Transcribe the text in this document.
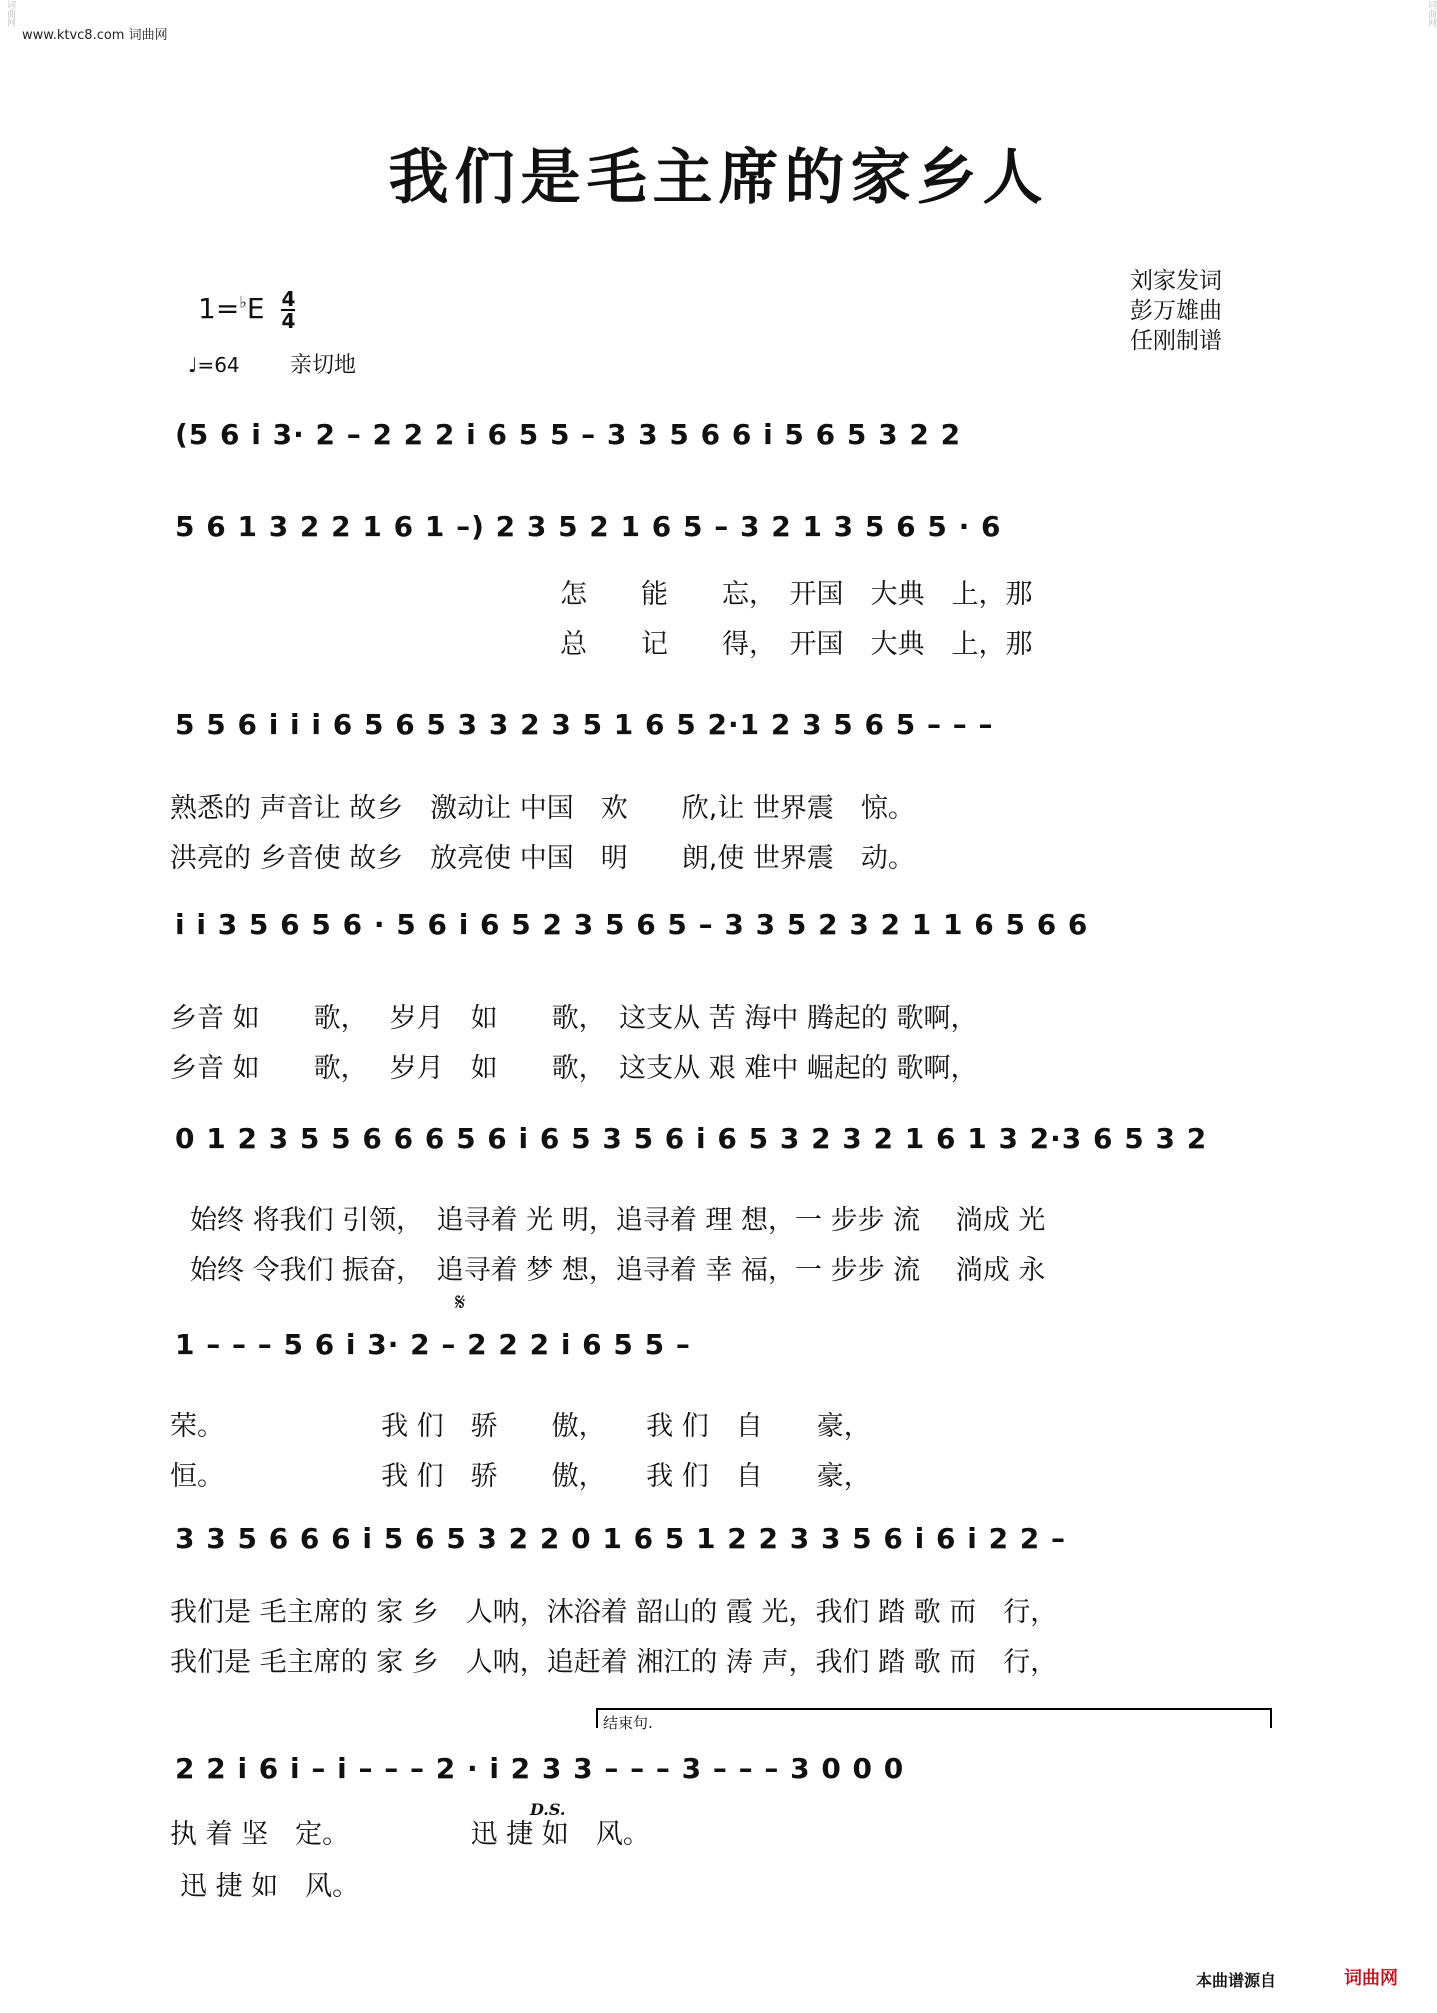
词曲网	词曲网
www.ktvc8.com 词曲网
我们是毛主席的家乡人
刘家发词
彭万雄曲
任刚制谱
$1=^♭E \frac{4}{4}$
♩=64 亲切地
(5 6 i 3· 2 – 2 2 2 i 6 5 5 – 3 3 5 6 6 i 5 6 5 3 2 2
5 6 1 3 2 2 1 6 1 –) 2 3 5 2 1 6 5 – 3 2 1 3 5 6 5 · 6
怎　　能　　忘，　开国　大典　上，那
总　　记　　得，　开国　大典　上，那
5 5 6 i i i 6 5 6 5 3 3 2 3 5 1 6 5 2·1 2 3 5 6 5 – – –
熟悉的 声音让 故乡　激动让 中国　欢　　欣,让 世界震　惊。
洪亮的 乡音使 故乡　放亮使 中国　明　　朗,使 世界震　动。
i i 3 5 6 5 6 · 5 6 i 6 5 2 3 5 6 5 – 3 3 5 2 3 2 1 1 6 5 6 6
乡音 如　　歌，　 岁月　如　　歌，　这支从 苦 海中 腾起的 歌啊，
乡音 如　　歌，　 岁月　如　　歌，　这支从 艰 难中 崛起的 歌啊，
0 1 2 3 5 5 6 6 6 5 6 i 6 5 3 5 6 i 6 5 3 2 3 2 1 6 1 3 2·3 6 5 3 2
始终 将我们 引领，　追寻着 光 明，追寻着 理 想，一 步步 流　 淌成 光
始终 令我们 振奋，　追寻着 梦 想，追寻着 幸 福，一 步步 流　 淌成 永
𝄋
1 – – – 5 6 i 3· 2 – 2 2 2 i 6 5 5 –
荣。　　　　　　 我 们　骄　　傲，　　我 们　自　　豪，
恒。　　　　　　 我 们　骄　　傲，　　我 们　自　　豪，
3 3 5 6 6 6 i 5 6 5 3 2 2 0 1 6 5 1 2 2 3 3 5 6 i 6 i 2 2 –
我们是 毛主席的 家 乡　人呐，沐浴着 韶山的 霞 光，我们 踏 歌 而　行，
我们是 毛主席的 家 乡　人呐，追赶着 湘江的 涛 声，我们 踏 歌 而　行，
结束句.
2 2 i 6 i – i – – – 2 · i 2 3 3 – – – 3 – – – 3 0 0 0
D.S.
执 着 坚　定。　　　　　迅 捷 如　风。
迅 捷 如　风。
本曲谱源自	词曲网
